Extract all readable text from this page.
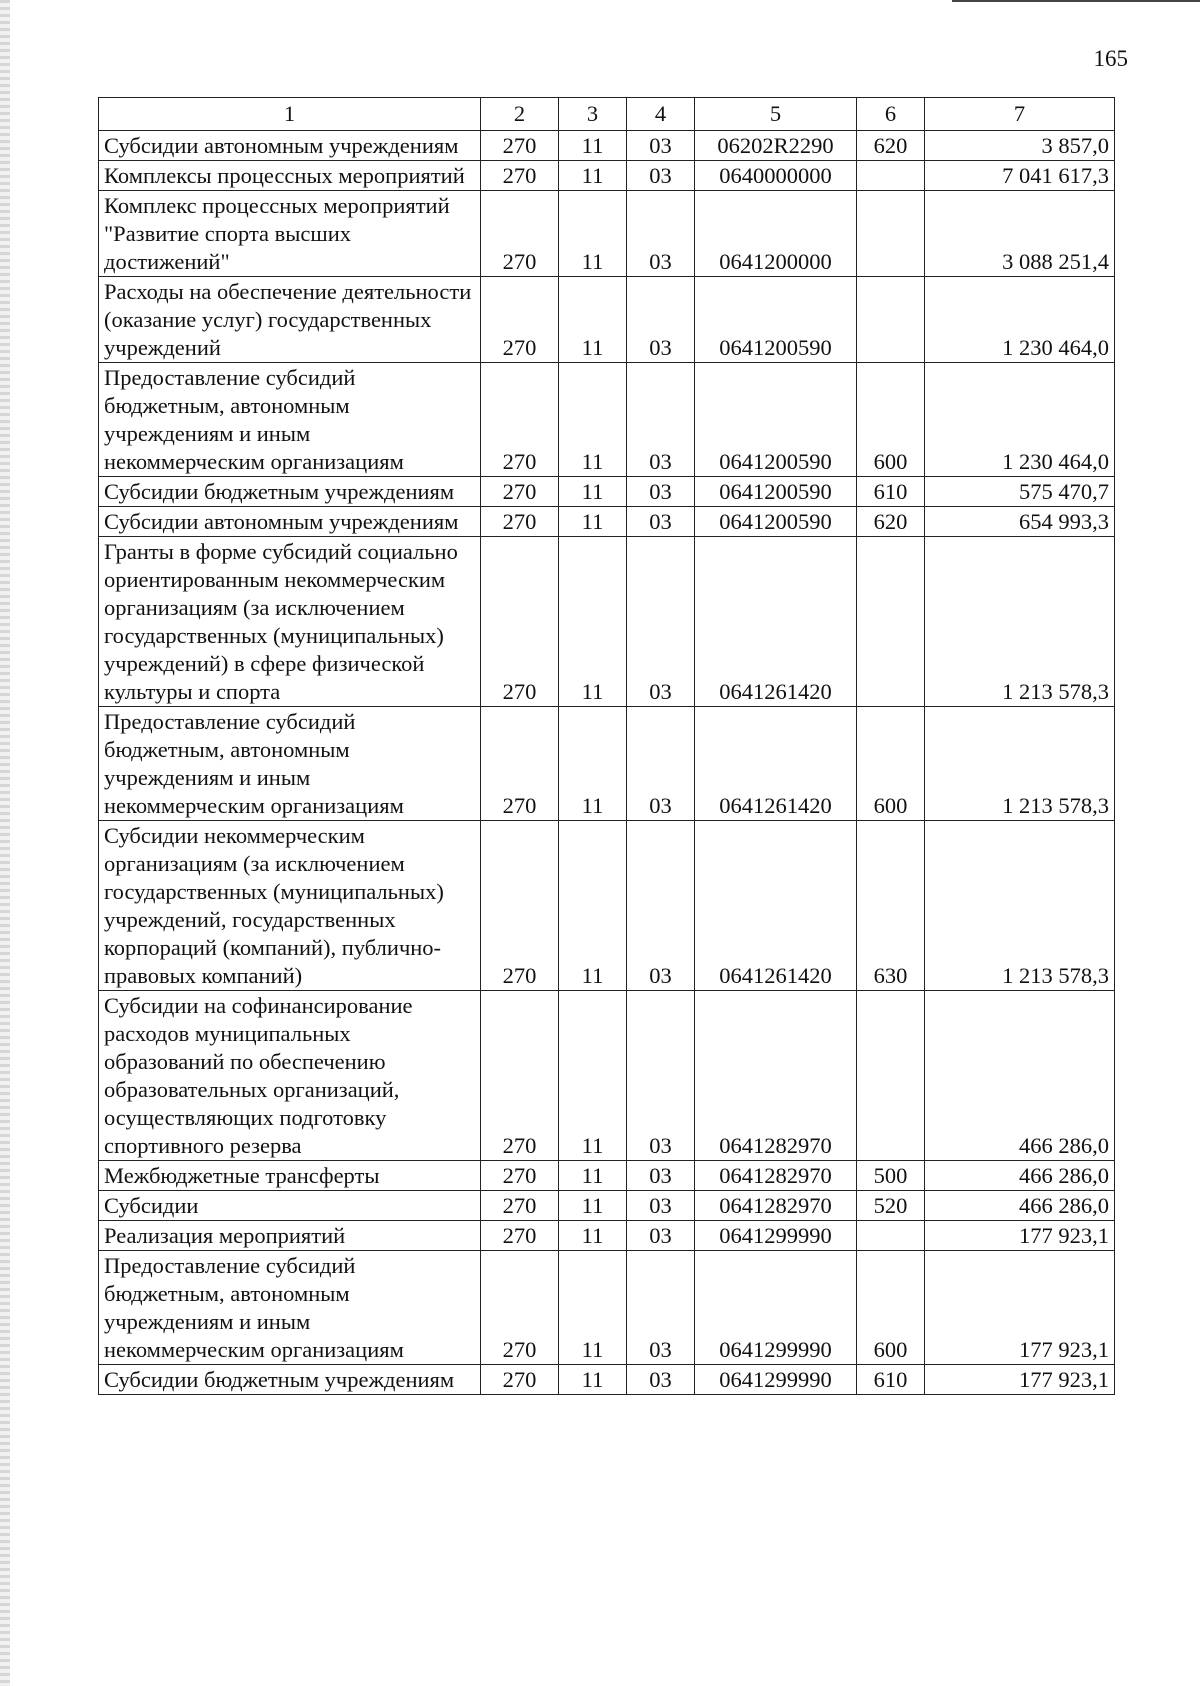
165
1	2	3	4	5	6	7
Субсидии автономным учреждениям	270	11	03	06202R2290	620	3 857,0
Комплексы процессных мероприятий	270	11	03	0640000000		7 041 617,3
Комплекс процессных мероприятий "Развитие спорта высших достижений"	270	11	03	0641200000		3 088 251,4
Расходы на обеспечение деятельности (оказание услуг) государственных учреждений	270	11	03	0641200590		1 230 464,0
Предоставление субсидий бюджетным, автономным учреждениям и иным некоммерческим организациям	270	11	03	0641200590	600	1 230 464,0
Субсидии бюджетным учреждениям	270	11	03	0641200590	610	575 470,7
Субсидии автономным учреждениям	270	11	03	0641200590	620	654 993,3
Гранты в форме субсидий социально ориентированным некоммерческим организациям (за исключением государственных (муниципальных) учреждений) в сфере физической культуры и спорта	270	11	03	0641261420		1 213 578,3
Предоставление субсидий бюджетным, автономным учреждениям и иным некоммерческим организациям	270	11	03	0641261420	600	1 213 578,3
Субсидии некоммерческим организациям (за исключением государственных (муниципальных) учреждений, государственных корпораций (компаний), публично-правовых компаний)	270	11	03	0641261420	630	1 213 578,3
Субсидии на софинансирование расходов муниципальных образований по обеспечению образовательных организаций, осуществляющих подготовку спортивного резерва	270	11	03	0641282970		466 286,0
Межбюджетные трансферты	270	11	03	0641282970	500	466 286,0
Субсидии	270	11	03	0641282970	520	466 286,0
Реализация мероприятий	270	11	03	0641299990		177 923,1
Предоставление субсидий бюджетным, автономным учреждениям и иным некоммерческим организациям	270	11	03	0641299990	600	177 923,1
Субсидии бюджетным учреждениям	270	11	03	0641299990	610	177 923,1
